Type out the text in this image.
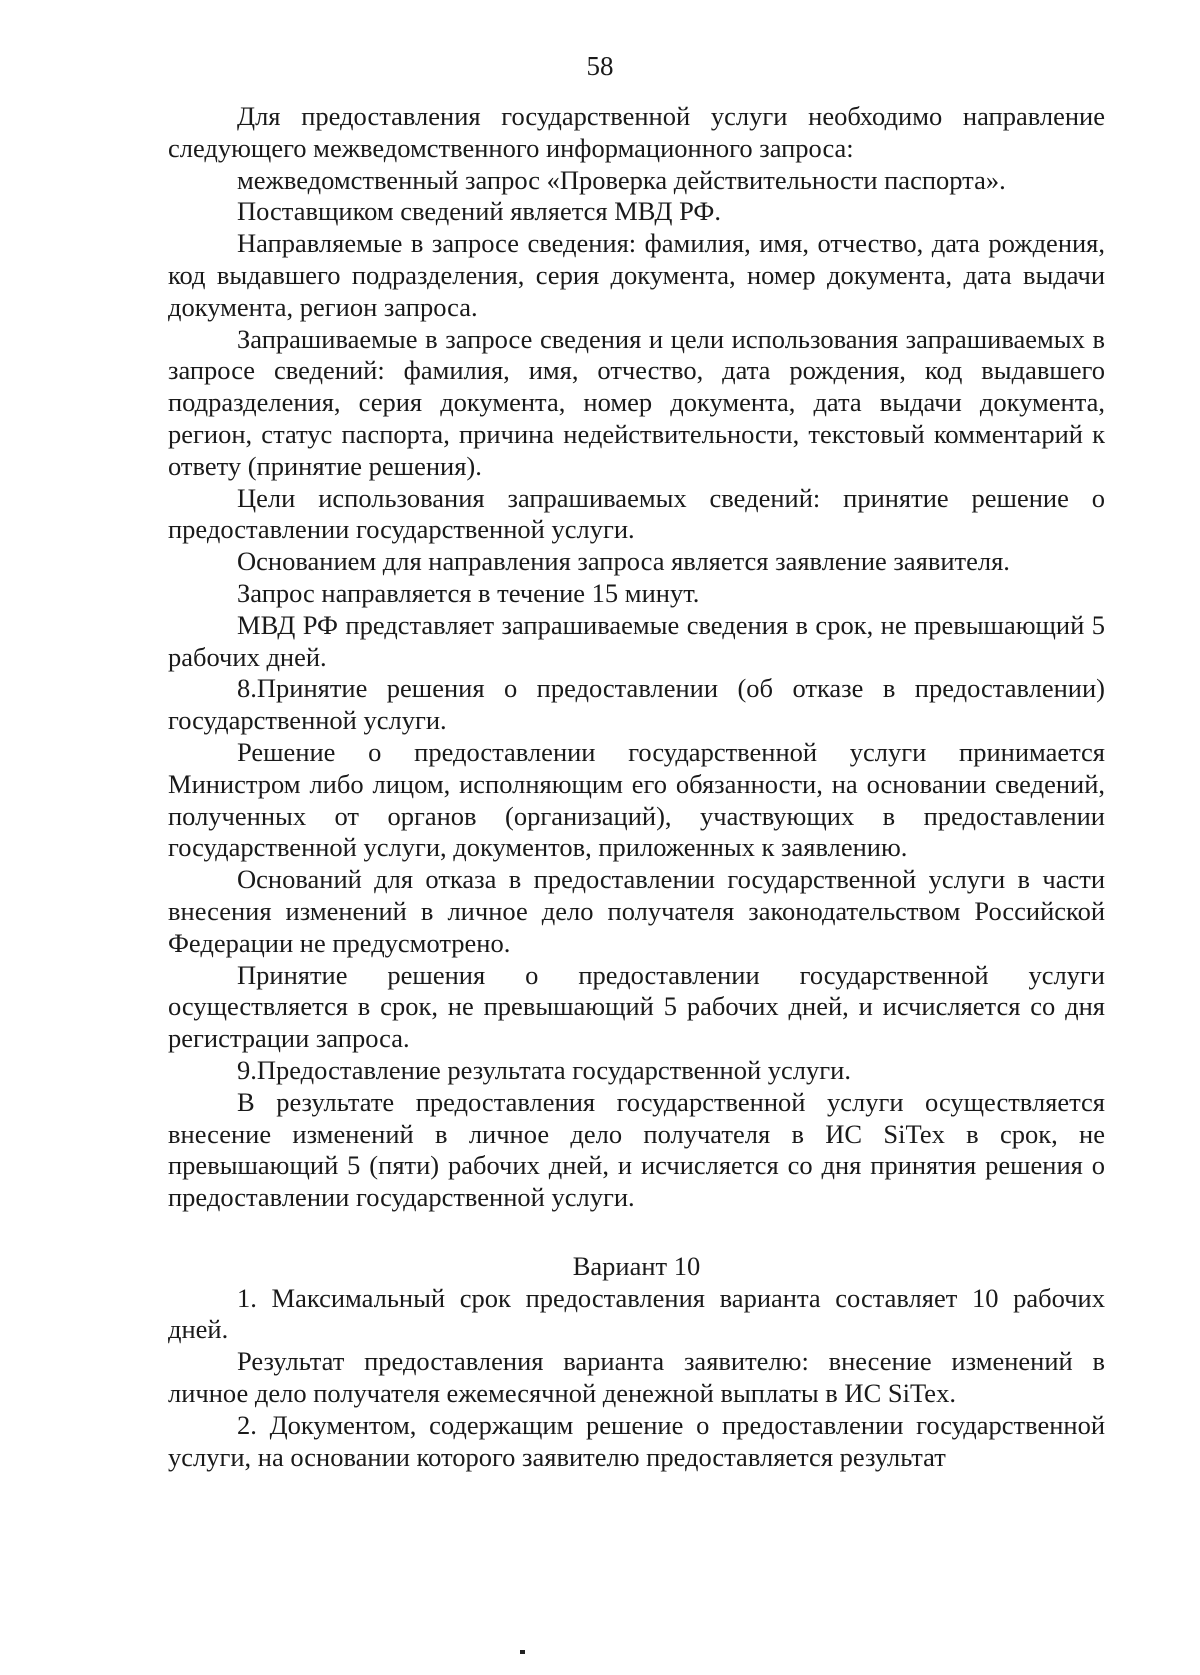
58

Для предоставления государственной услуги необходимо направление следующего межведомственного информационного запроса:

межведомственный запрос «Проверка действительности паспорта».

Поставщиком сведений является МВД РФ.

Направляемые в запросе сведения: фамилия, имя, отчество, дата рождения, код выдавшего подразделения, серия документа, номер документа, дата выдачи документа, регион запроса.

Запрашиваемые в запросе сведения и цели использования запрашиваемых в запросе сведений: фамилия, имя, отчество, дата рождения, код выдавшего подразделения, серия документа, номер документа, дата выдачи документа, регион, статус паспорта, причина недействительности, текстовый комментарий к ответу (принятие решения).

Цели использования запрашиваемых сведений: принятие решение о предоставлении государственной услуги.

Основанием для направления запроса является заявление заявителя.

Запрос направляется в течение 15 минут.

МВД РФ представляет запрашиваемые сведения в срок, не превышающий 5 рабочих дней.

8.Принятие решения о предоставлении (об отказе в предоставлении) государственной услуги.

Решение о предоставлении государственной услуги принимается Министром либо лицом, исполняющим его обязанности, на основании сведений, полученных от органов (организаций), участвующих в предоставлении государственной услуги, документов, приложенных к заявлению.

Оснований для отказа в предоставлении государственной услуги в части внесения изменений в личное дело получателя законодательством Российской Федерации не предусмотрено.

Принятие решения о предоставлении государственной услуги осуществляется в срок, не превышающий 5 рабочих дней, и исчисляется со дня регистрации запроса.

9.Предоставление результата государственной услуги.

В результате предоставления государственной услуги осуществляется внесение изменений в личное дело получателя в ИС SiTex в срок, не превышающий 5 (пяти) рабочих дней, и исчисляется со дня принятия решения о предоставлении государственной услуги.

Вариант 10

1. Максимальный срок предоставления варианта составляет 10 рабочих дней.

Результат предоставления варианта заявителю: внесение изменений в личное дело получателя ежемесячной денежной выплаты в ИС SiTex.

2. Документом, содержащим решение о предоставлении государственной услуги, на основании которого заявителю предоставляется результат
